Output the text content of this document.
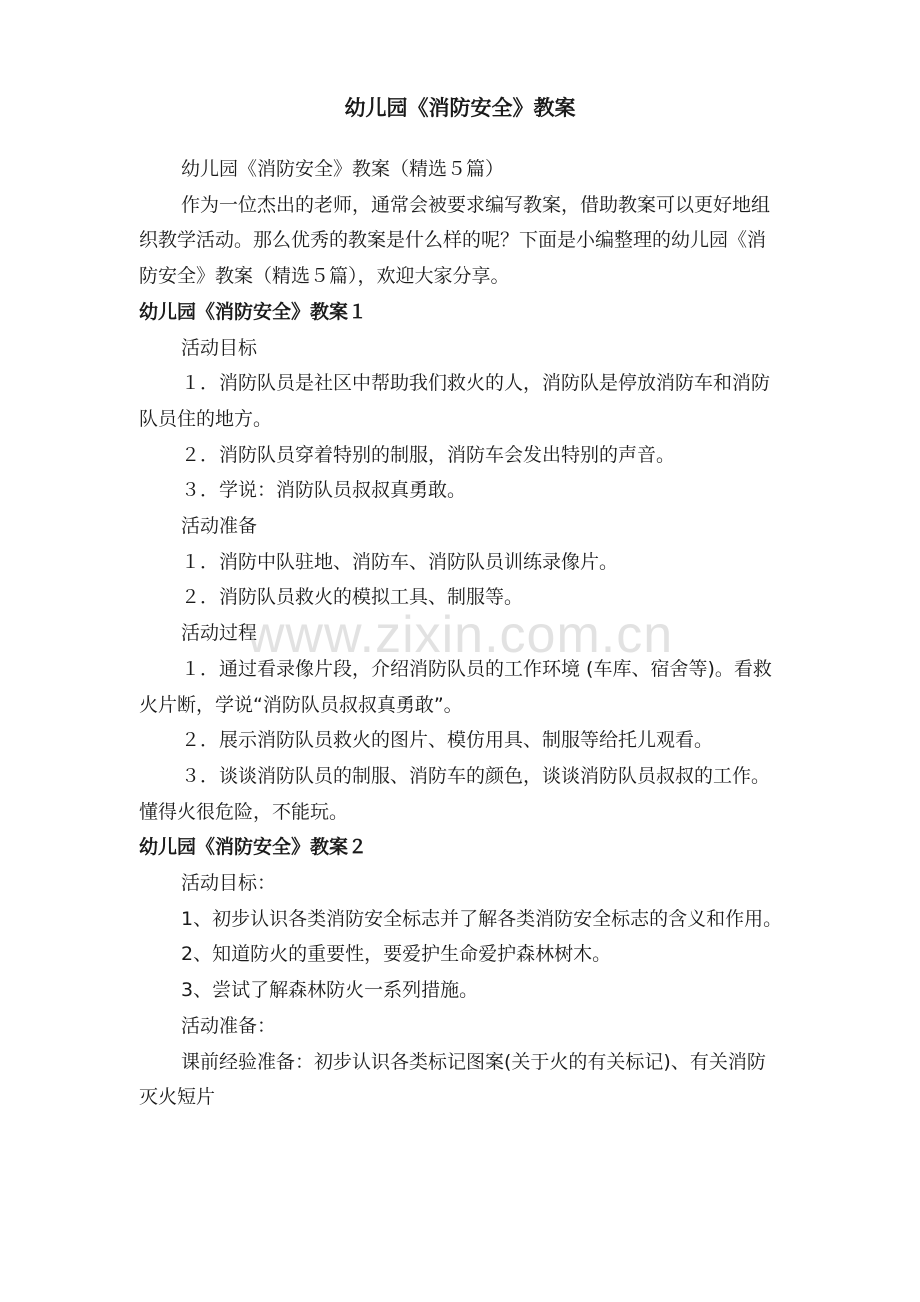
幼儿园《消防安全》教案

幼儿园《消防安全》教案（精选５篇）

作为一位杰出的老师，通常会被要求编写教案，借助教案可以更好地组织教学活动。那么优秀的教案是什么样的呢？下面是小编整理的幼儿园《消防安全》教案（精选５篇），欢迎大家分享。

幼儿园《消防安全》教案１

活动目标

１．消防队员是社区中帮助我们救火的人，消防队是停放消防车和消防队员住的地方。

２．消防队员穿着特别的制服，消防车会发出特别的声音。

３．学说：消防队员叔叔真勇敢。

活动准备

１．消防中队驻地、消防车、消防队员训练录像片。

２．消防队员救火的模拟工具、制服等。

活动过程

１．通过看录像片段，介绍消防队员的工作环境 (车库、宿舍等)。看救火片断，学说“消防队员叔叔真勇敢”。

２．展示消防队员救火的图片、模仿用具、制服等给托儿观看。

３．谈谈消防队员的制服、消防车的颜色，谈谈消防队员叔叔的工作。懂得火很危险，不能玩。

幼儿园《消防安全》教案２

活动目标：

1、初步认识各类消防安全标志并了解各类消防安全标志的含义和作用。

2、知道防火的重要性，要爱护生命爱护森林树木。

3、尝试了解森林防火一系列措施。

活动准备：

课前经验准备：初步认识各类标记图案(关于火的有关标记)、有关消防灭火短片

www.zixin.com.cn
